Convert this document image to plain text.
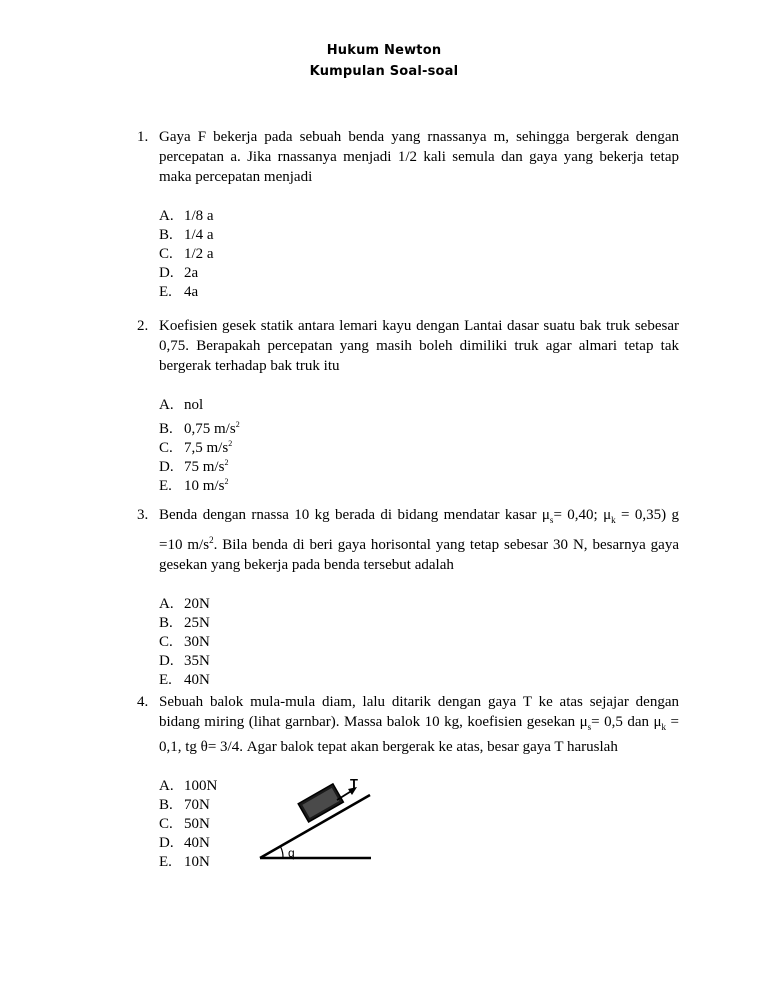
Hukum Newton
Kumpulan Soal-soal
1. Gaya F bekerja pada sebuah benda yang rnassanya m, sehingga bergerak dengan percepatan a. Jika rnassanya menjadi 1/2 kali semula dan gaya yang bekerja tetap maka percepatan menjadi
A. 1/8 a
B. 1/4 a
C. 1/2 a
D. 2a
E. 4a
2. Koefisien gesek statik antara lemari kayu dengan Lantai dasar suatu bak truk sebesar 0,75. Berapakah percepatan yang masih boleh dimiliki truk agar almari tetap tak bergerak terhadap bak truk itu
A. nol
B. 0,75 $m/s^2$
C. 7,5 $m/s^2$
D. 75 $m/s^2$
E. 10 $m/s^2$
3. Benda dengan rnassa 10 kg berada di bidang mendatar kasar $\mu_s= 0,40$; $\mu_k = 0,35$) g =10 $m/s^2$. Bila benda di beri gaya horisontal yang tetap sebesar 30 N, besarnya gaya gesekan yang bekerja pada benda tersebut adalah
A. 20N
B. 25N
C. 30N
D. 35N
E. 40N
4. Sebuah balok mula-mula diam, lalu ditarik dengan gaya T ke atas sejajar dengan bidang miring (lihat garnbar). Massa balok 10 kg, koefisien gesekan $\mu_s= 0,5$ dan $\mu_k = 0,1$, tg θ= 3/4. Agar balok tepat akan bergerak ke atas, besar gaya T haruslah
A. 100N
B. 70N
C. 50N
D. 40N
E. 10N
T
q
